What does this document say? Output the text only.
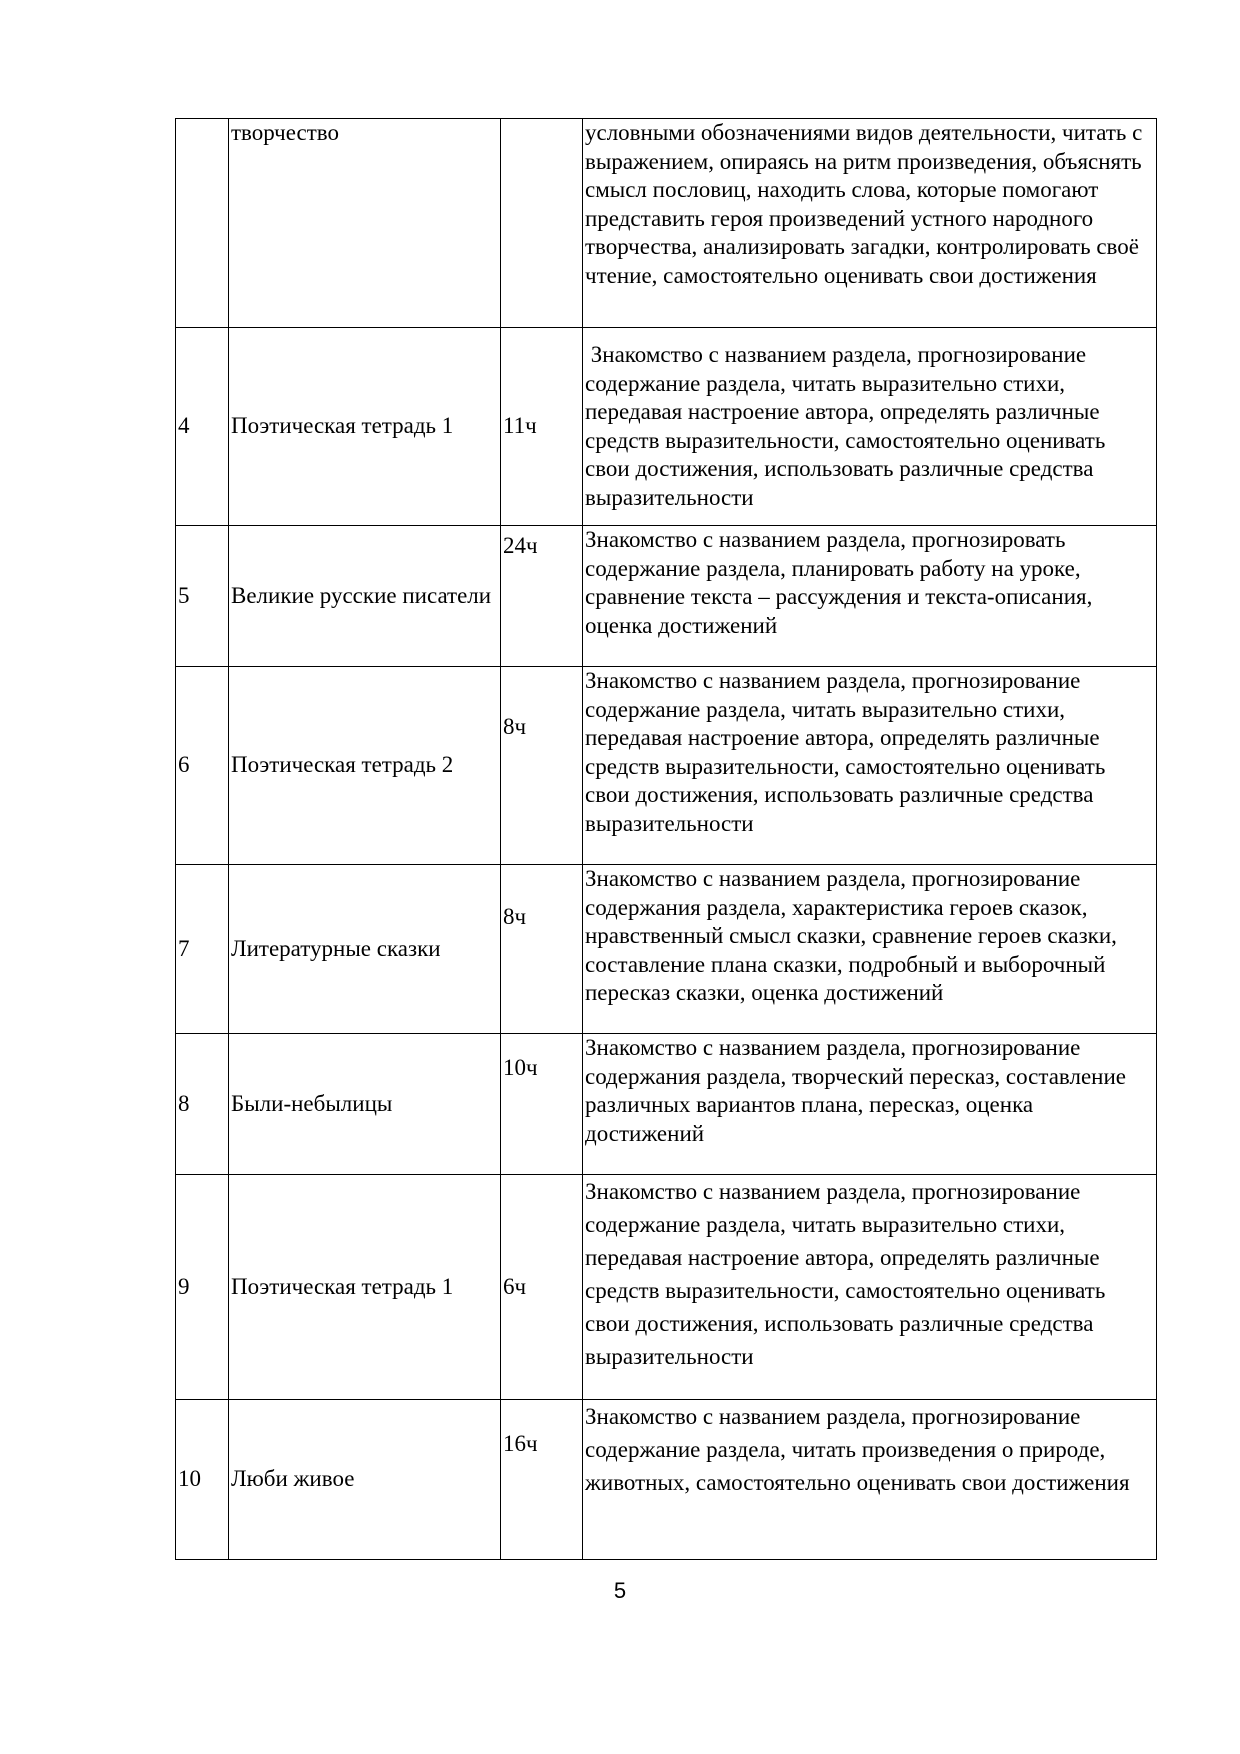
	творчество		условными обозначениями видов деятельности, читать с выражением, опираясь на ритм произведения, объяснять смысл пословиц, находить слова, которые помогают представить героя произведений устного народного творчества, анализировать загадки, контролировать своё чтение, самостоятельно оценивать свои достижения
4	Поэтическая тетрадь 1	11ч	Знакомство с названием раздела, прогнозирование содержание раздела, читать выразительно стихи, передавая настроение автора, определять различные средств выразительности, самостоятельно оценивать свои достижения, использовать различные средства выразительности
5	Великие русские писатели	24ч	Знакомство с названием раздела, прогнозировать содержание раздела, планировать работу на уроке, сравнение текста – рассуждения и текста-описания, оценка достижений
6	Поэтическая тетрадь 2	8ч	Знакомство с названием раздела, прогнозирование содержание раздела, читать выразительно стихи, передавая настроение автора, определять различные средств выразительности, самостоятельно оценивать свои достижения, использовать различные средства выразительности
7	Литературные сказки	8ч	Знакомство с названием раздела, прогнозирование содержания раздела, характеристика героев сказок, нравственный смысл сказки, сравнение героев сказки, составление плана сказки, подробный и выборочный пересказ сказки, оценка достижений
8	Были-небылицы	10ч	Знакомство с названием раздела, прогнозирование содержания раздела, творческий пересказ, составление различных вариантов плана, пересказ, оценка достижений
9	Поэтическая тетрадь 1	6ч	Знакомство с названием раздела, прогнозирование содержание раздела, читать выразительно стихи, передавая настроение автора, определять различные средств выразительности, самостоятельно оценивать свои достижения, использовать различные средства выразительности
10	Люби живое	16ч	Знакомство с названием раздела, прогнозирование содержание раздела, читать произведения о природе, животных, самостоятельно оценивать свои достижения
5
